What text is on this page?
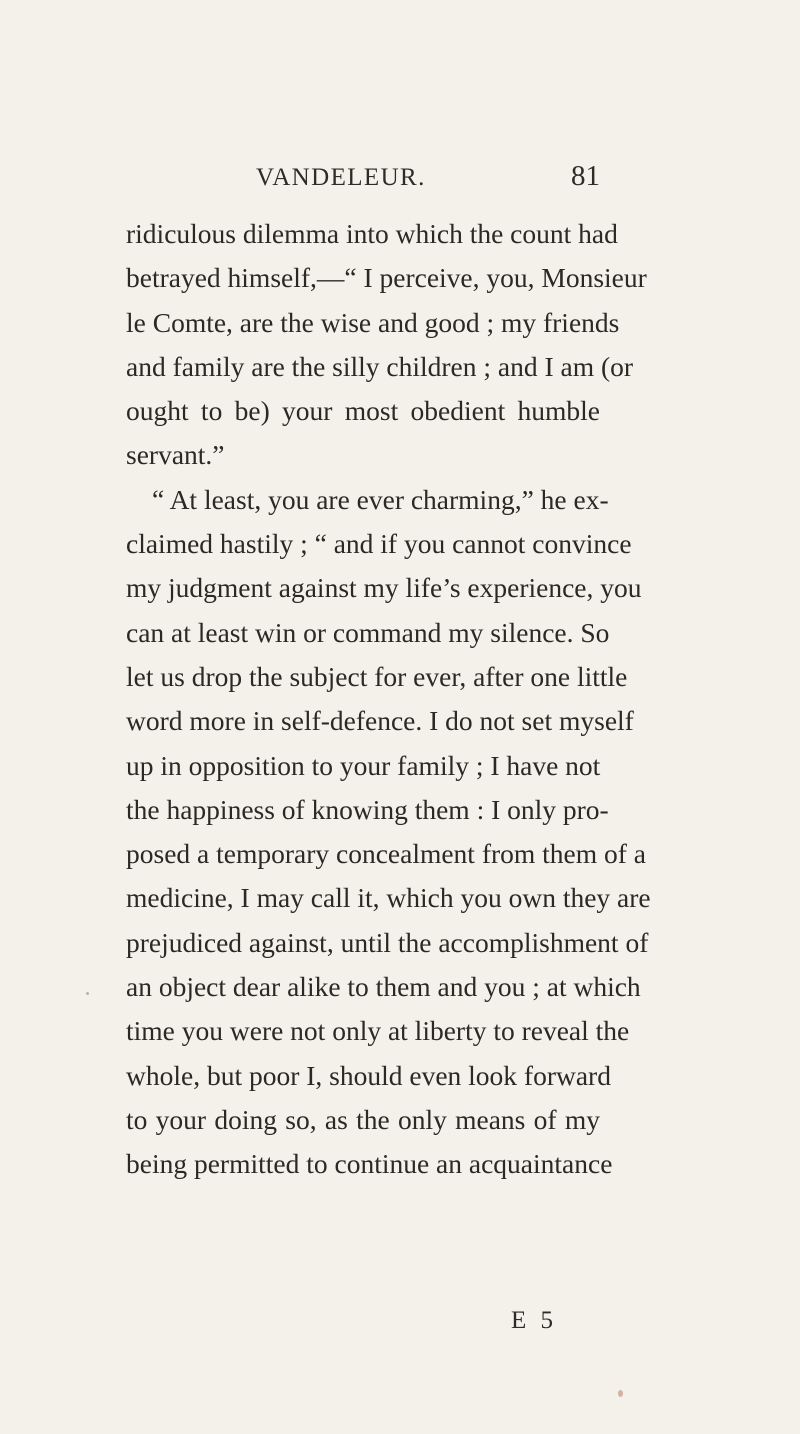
VANDELEUR.	81
ridiculous dilemma into which the count had
betrayed himself,—“ I perceive, you, Monsieur
le Comte, are the wise and good ; my friends
and family are the silly children ; and I am (or
ought to be) your most obedient humble
servant.”
“ At least, you are ever charming,” he ex-
claimed hastily ; “ and if you cannot convince
my judgment against my life’s experience, you
can at least win or command my silence. So
let us drop the subject for ever, after one little
word more in self-defence. I do not set myself
up in opposition to your family ; I have not
the happiness of knowing them : I only pro-
posed a temporary concealment from them of a
medicine, I may call it, which you own they are
prejudiced against, until the accomplishment of
an object dear alike to them and you ; at which
time you were not only at liberty to reveal the
whole, but poor I, should even look forward
to your doing so, as the only means of my
being permitted to continue an acquaintance
E 5
